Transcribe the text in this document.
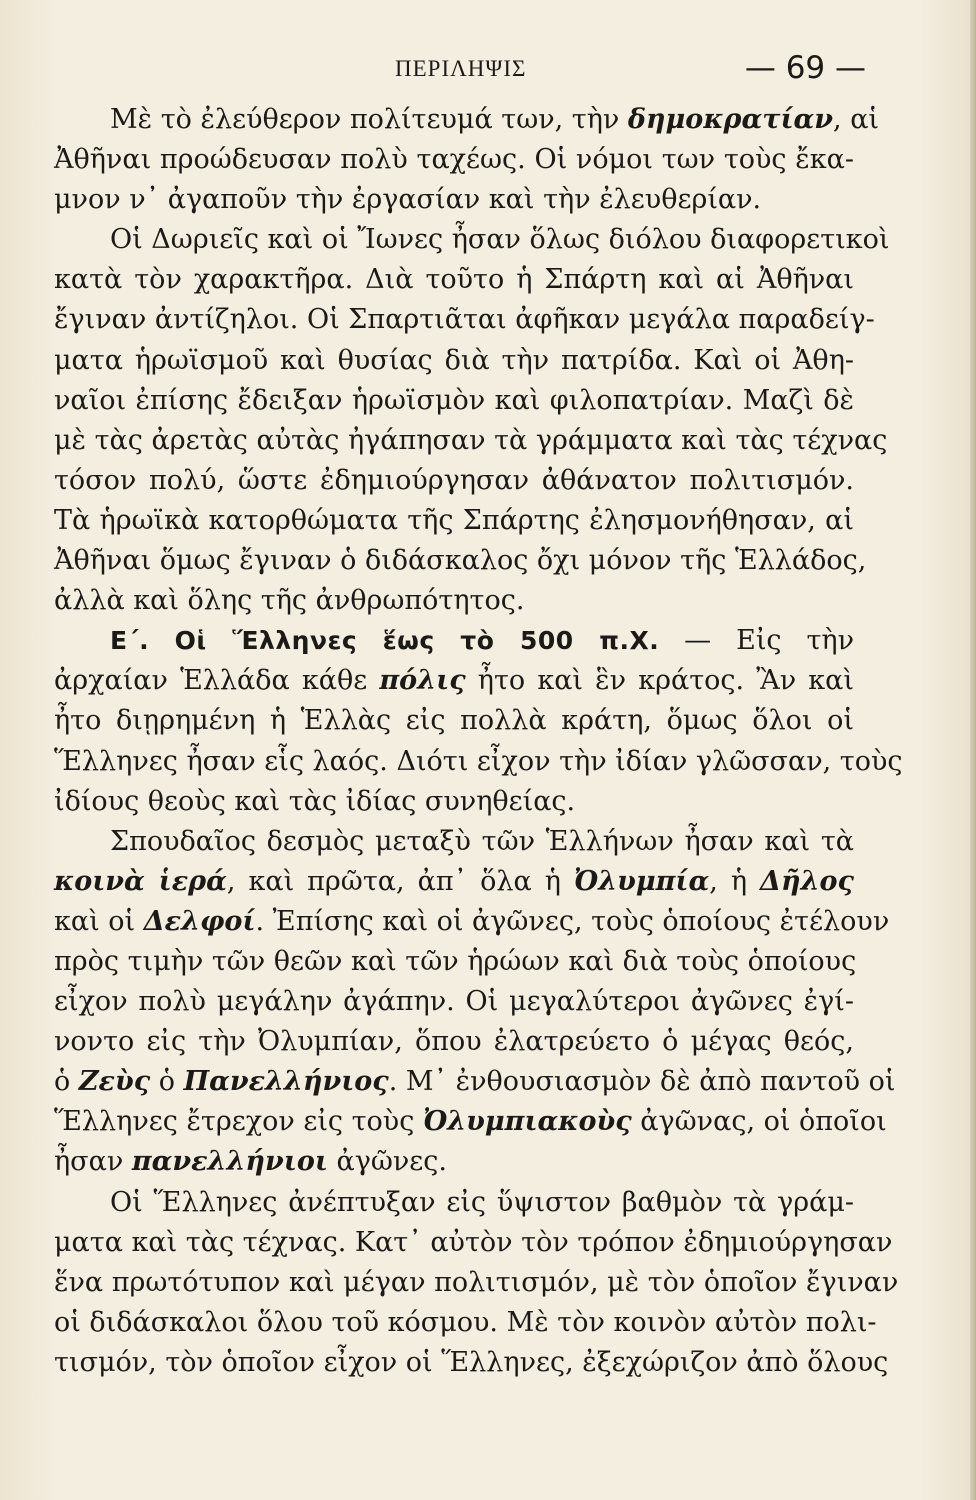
ΠΕΡΙΛΗΨΙΣ	— 69 —
Μὲ τὸ ἐλεύθερον πολίτευμά των, τὴν δημοκρατίαν, αἱ
Ἀθῆναι προώδευσαν πολὺ ταχέως. Οἱ νόμοι των τοὺς ἔκα-
μνον ν᾿ ἀγαποῦν τὴν ἐργασίαν καὶ τὴν ἐλευθερίαν.
Οἱ Δωριεῖς καὶ οἱ Ἴωνες ἦσαν ὅλως διόλου διαφορετικοὶ
κατὰ τὸν χαρακτῆρα. Διὰ τοῦτο ἡ Σπάρτη καὶ αἱ Ἀθῆναι
ἔγιναν ἀντίζηλοι. Οἱ Σπαρτιᾶται ἀφῆκαν μεγάλα παραδείγ-
ματα ἡρωϊσμοῦ καὶ θυσίας διὰ τὴν πατρίδα. Καὶ οἱ Ἀθη-
ναῖοι ἐπίσης ἔδειξαν ἡρωϊσμὸν καὶ φιλοπατρίαν. Μαζὶ δὲ
μὲ τὰς ἀρετὰς αὐτὰς ἠγάπησαν τὰ γράμματα καὶ τὰς τέχνας
τόσον πολύ, ὥστε ἐδημιούργησαν ἀθάνατον πολιτισμόν.
Τὰ ἡρωϊκὰ κατορθώματα τῆς Σπάρτης ἐλησμονήθησαν, αἱ
Ἀθῆναι ὅμως ἔγιναν ὁ διδάσκαλος ὄχι μόνον τῆς Ἑλλάδος,
ἀλλὰ καὶ ὅλης τῆς ἀνθρωπότητος.
Ε΄. Οἱ Ἕλληνες ἕως τὸ 500 π.Χ. — Εἰς τὴν
ἀρχαίαν Ἑλλάδα κάθε πόλις ἦτο καὶ ἓν κράτος. Ἂν καὶ
ἦτο διῃρημένη ἡ Ἑλλὰς εἰς πολλὰ κράτη, ὅμως ὅλοι οἱ
Ἕλληνες ἦσαν εἷς λαός. Διότι εἶχον τὴν ἰδίαν γλῶσσαν, τοὺς
ἰδίους θεοὺς καὶ τὰς ἰδίας συνηθείας.
Σπουδαῖος δεσμὸς μεταξὺ τῶν Ἑλλήνων ἦσαν καὶ τὰ
κοινὰ ἱερά, καὶ πρῶτα, ἀπ᾿ ὅλα ἡ Ὀλυμπία, ἡ Δῆλος
καὶ οἱ Δελφοί. Ἐπίσης καὶ οἱ ἀγῶνες, τοὺς ὁποίους ἐτέλουν
πρὸς τιμὴν τῶν θεῶν καὶ τῶν ἡρώων καὶ διὰ τοὺς ὁποίους
εἶχον πολὺ μεγάλην ἀγάπην. Οἱ μεγαλύτεροι ἀγῶνες ἐγί-
νοντο εἰς τὴν Ὀλυμπίαν, ὅπου ἐλατρεύετο ὁ μέγας θεός,
ὁ Ζεὺς ὁ Πανελλήνιος. Μ᾿ ἐνθουσιασμὸν δὲ ἀπὸ παντοῦ οἱ
Ἕλληνες ἔτρεχον εἰς τοὺς Ὀλυμπιακοὺς ἀγῶνας, οἱ ὁποῖοι
ἦσαν πανελλήνιοι ἀγῶνες.
Οἱ Ἕλληνες ἀνέπτυξαν εἰς ὕψιστον βαθμὸν τὰ γράμ-
ματα καὶ τὰς τέχνας. Κατ᾿ αὐτὸν τὸν τρόπον ἐδημιούργησαν
ἕνα πρωτότυπον καὶ μέγαν πολιτισμόν, μὲ τὸν ὁποῖον ἔγιναν
οἱ διδάσκαλοι ὅλου τοῦ κόσμου. Μὲ τὸν κοινὸν αὐτὸν πολι-
τισμόν, τὸν ὁποῖον εἶχον οἱ Ἕλληνες, ἐξεχώριζον ἀπὸ ὅλους
